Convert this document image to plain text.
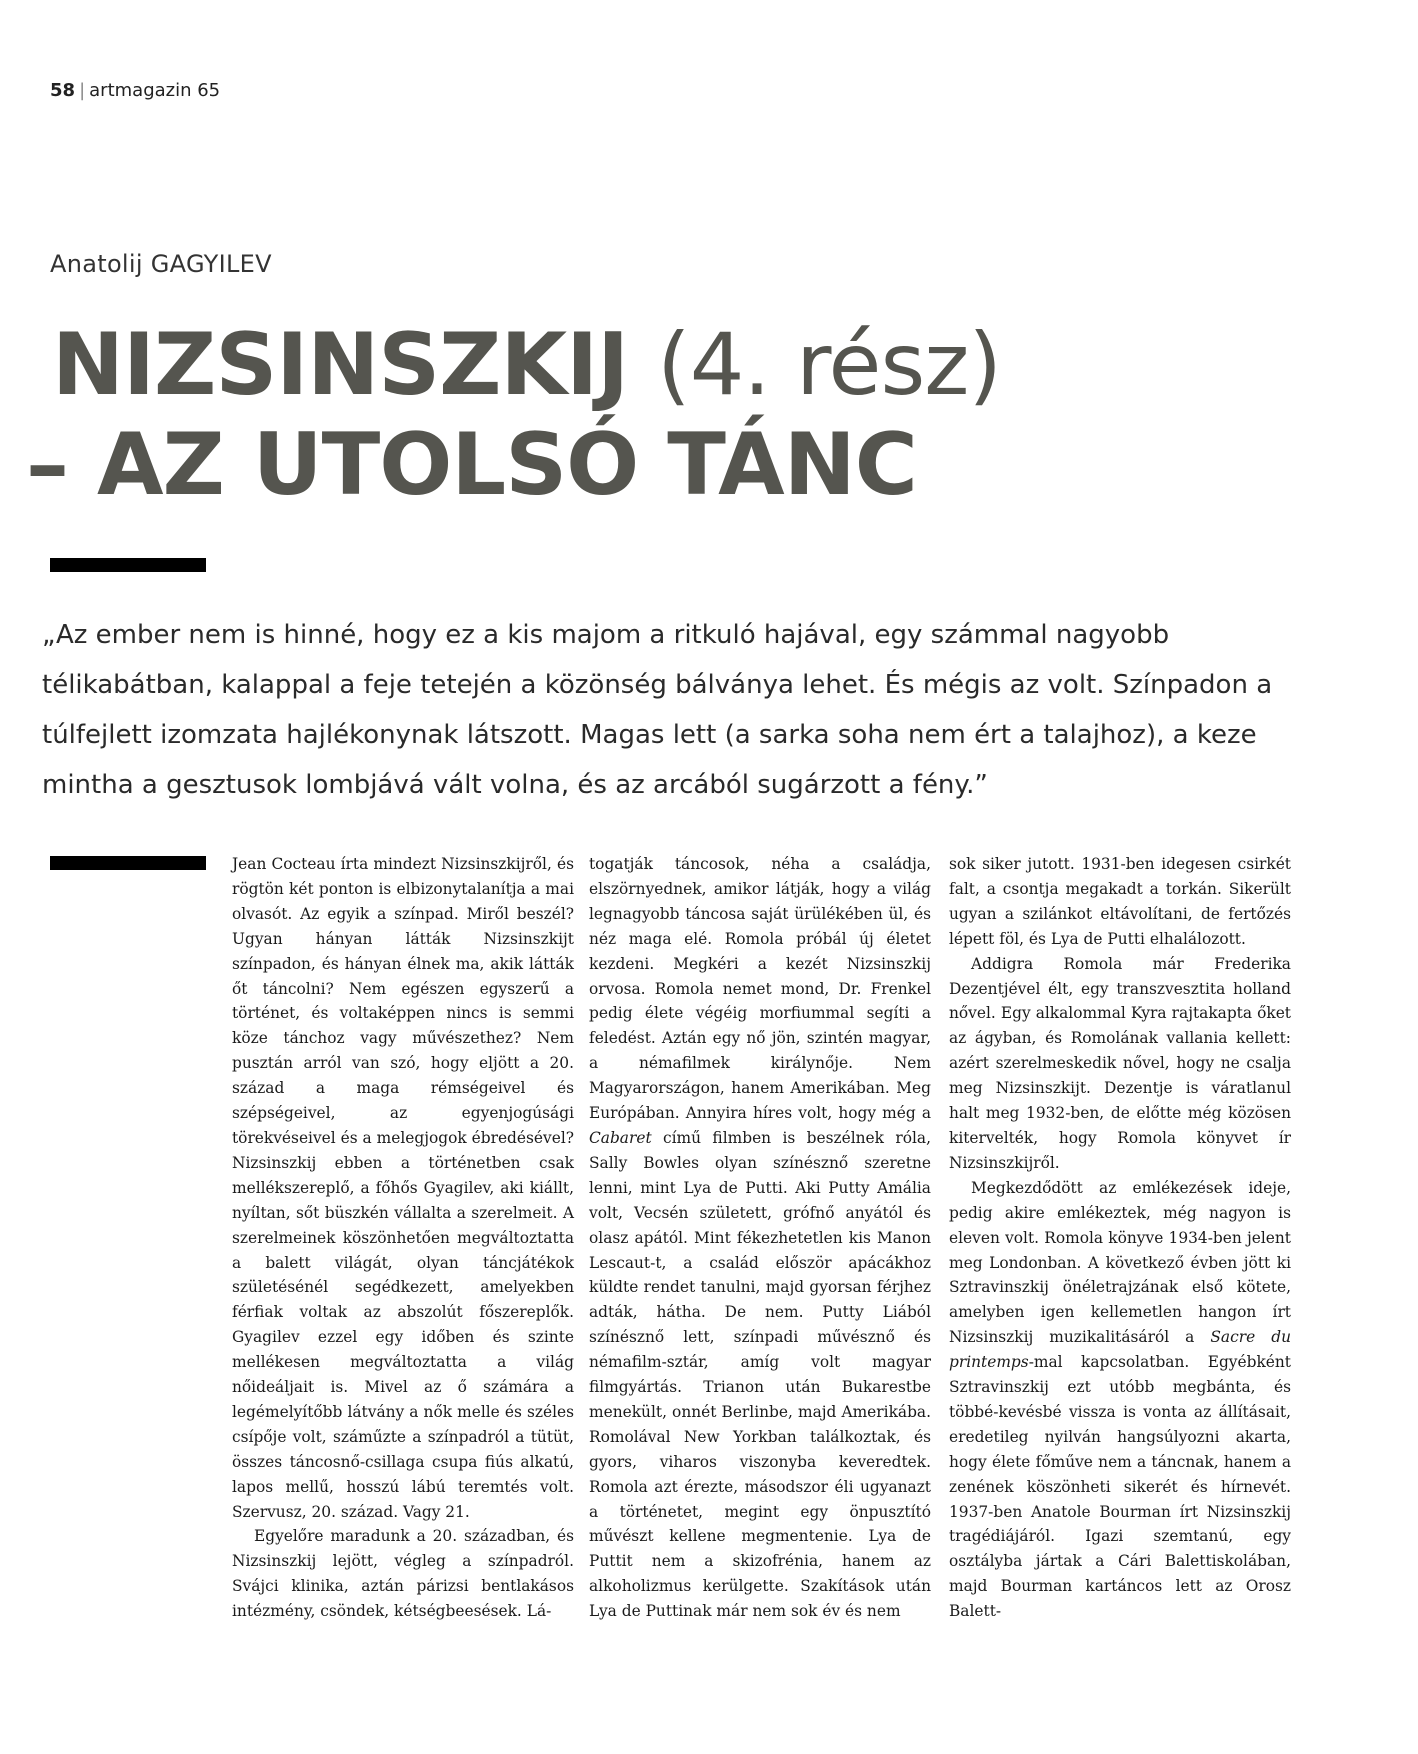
58 | artmagazin 65
Anatolij GAGYILEV
NIZSINSZKIJ (4. rész)
– AZ UTOLSÓ TÁNC

„Az ember nem is hinné, hogy ez a kis majom a ritkuló hajával, egy számmal nagyobb télikabátban, kalappal a feje tetején a közönség bálványa lehet. És mégis az volt. Színpadon a túlfejlett izomzata hajlékonynak látszott. Magas lett (a sarka soha nem ért a talajhoz), a keze mintha a gesztusok lombjává vált volna, és az arcából sugárzott a fény.”

Jean Cocteau írta mindezt Nizsinszkijről, és rögtön két ponton is elbizonytalanítja a mai olvasót. Az egyik a színpad. Miről beszél? Ugyan hányan látták Nizsinszkijt színpadon, és hányan élnek ma, akik látták őt táncolni? Nem egészen egyszerű a történet, és voltaképpen nincs is semmi köze tánchoz vagy művészethez? Nem pusztán arról van szó, hogy eljött a 20. század a maga rémségeivel és szépségeivel, az egyenjogúsági törekvéseivel és a melegjogok ébredésével? Nizsinszkij ebben a történetben csak mellékszereplő, a főhős Gyagilev, aki kiállt, nyíltan, sőt büszkén vállalta a szerelmeit. A szerelmeinek köszönhetően megváltoztatta a balett világát, olyan táncjátékok születésénél segédkezett, amelyekben férfiak voltak az abszolút főszereplők. Gyagilev ezzel egy időben és szinte mellékesen megváltoztatta a világ nőideáljait is. Mivel az ő számára a legémelyítőbb látvány a nők melle és széles csípője volt, száműzte a színpadról a tütüt, összes táncosnő-csillaga csupa fiús alkatú, lapos mellű, hosszú lábú teremtés volt. Szervusz, 20. század. Vagy 21.

Egyelőre maradunk a 20. században, és Nizsinszkij lejött, végleg a színpadról. Svájci klinika, aztán párizsi bentlakásos intézmény, csöndek, kétségbeesések. Lá-

togatják táncosok, néha a családja, elszörnyednek, amikor látják, hogy a világ legnagyobb táncosa saját ürülékében ül, és néz maga elé. Romola próbál új életet kezdeni. Megkéri a kezét Nizsinszkij orvosa. Romola nemet mond, Dr. Frenkel pedig élete végéig morfiummal segíti a feledést. Aztán egy nő jön, szintén magyar, a némafilmek királynője. Nem Magyarországon, hanem Amerikában. Meg Európában. Annyira híres volt, hogy még a Cabaret című filmben is beszélnek róla, Sally Bowles olyan színésznő szeretne lenni, mint Lya de Putti. Aki Putty Amália volt, Vecsén született, grófnő anyától és olasz apától. Mint fékezhetetlen kis Manon Lescaut-t, a család először apácákhoz küldte rendet tanulni, majd gyorsan férjhez adták, hátha. De nem. Putty Liából színésznő lett, színpadi művésznő és némafilm-sztár, amíg volt magyar filmgyártás. Trianon után Bukarestbe menekült, onnét Berlinbe, majd Amerikába. Romolával New Yorkban találkoztak, és gyors, viharos viszonyba keveredtek. Romola azt érezte, másodszor éli ugyanazt a történetet, megint egy önpusztító művészt kellene megmentenie. Lya de Puttit nem a skizofrénia, hanem az alkoholizmus kerülgette. Szakítások után Lya de Puttinak már nem sok év és nem

sok siker jutott. 1931-ben idegesen csirkét falt, a csontja megakadt a torkán. Sikerült ugyan a szilánkot eltávolítani, de fertőzés lépett föl, és Lya de Putti elhalálozott.

Addigra Romola már Frederika Dezentjével élt, egy transzvesztita holland nővel. Egy alkalommal Kyra rajtakapta őket az ágyban, és Romolának vallania kellett: azért szerelmeskedik nővel, hogy ne csalja meg Nizsinszkijt. Dezentje is váratlanul halt meg 1932-ben, de előtte még közösen kitervelték, hogy Romola könyvet ír Nizsinszkijről.

Megkezdődött az emlékezések ideje, pedig akire emlékeztek, még nagyon is eleven volt. Romola könyve 1934-ben jelent meg Londonban. A következő évben jött ki Sztravinszkij önéletrajzának első kötete, amelyben igen kellemetlen hangon írt Nizsinszkij muzikalitásáról a Sacre du printemps-mal kapcsolatban. Egyébként Sztravinszkij ezt utóbb megbánta, és többé-kevésbé vissza is vonta az állításait, eredetileg nyilván hangsúlyozni akarta, hogy élete főműve nem a táncnak, hanem a zenének köszönheti sikerét és hírnevét. 1937-ben Anatole Bourman írt Nizsinszkij tragédiájáról. Igazi szemtanú, egy osztályba jártak a Cári Balettiskolában, majd Bourman kartáncos lett az Orosz Balett-
